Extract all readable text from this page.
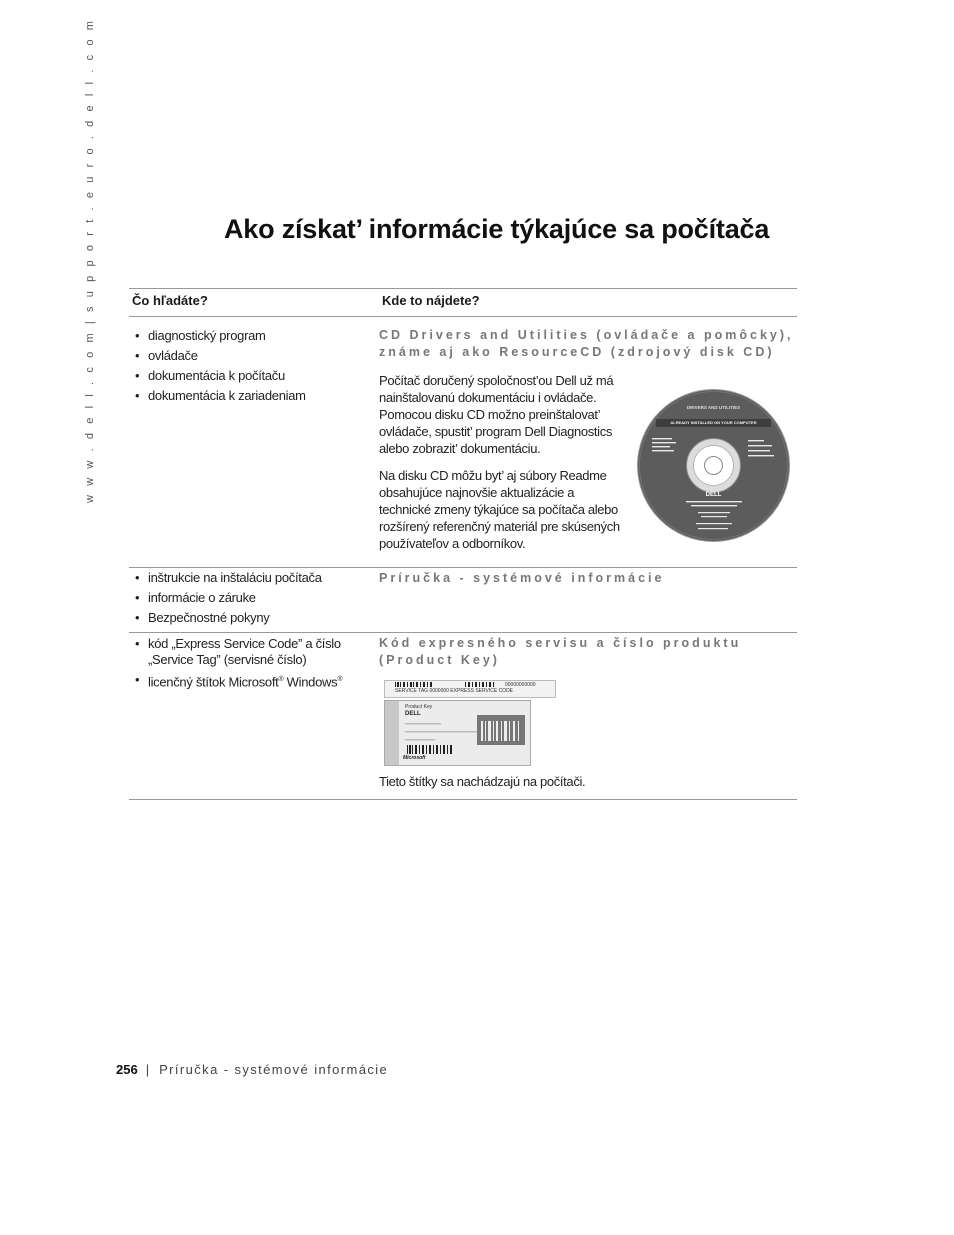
w w w . d e l l . c o m | s u p p o r t . e u r o . d e l l . c o m	Ako získat’ informácie týkajúce sa počítača
Čo hľadáte?	Kde to nájdete?
• diagnostický program
• ovládače
• dokumentácia k počítaču
• dokumentácia k zariadeniam

CD Drivers and Utilities (ovládače a pomôcky), známe aj ako ResourceCD (zdrojový disk CD)

Počítač doručený spoločnost’ou Dell už má nainštalovanú dokumentáciu i ovládače. Pomocou disku CD možno preinštalovat’ ovládače, spustit’ program Dell Diagnostics alebo zobrazit’ dokumentáciu.

Na disku CD môžu byt’ aj súbory Readme obsahujúce najnovšie aktualizácie a technické zmeny týkajúce sa počítača alebo rozšírený referenčný materiál pre skúsených používateľov a odborníkov.

DRIVERS AND UTILITIES
ALREADY INSTALLED ON YOUR COMPUTER
DELL
• inštrukcie na inštaláciu počítača
• informácie o záruke
• Bezpečnostné pokyny

Príručka - systémové informácie

• kód „Express Service Code” a číslo „Service Tag” (servisné číslo)
• licenčný štítok Microsoft® Windows®

Kód expresného servisu a číslo produktu (Product Key)

SERVICE TAG 0000000 EXPRESS SERVICE CODE
00000000000
Product Key
DELL
Microsoft

Tieto štítky sa nachádzajú na počítači.

256 | Príručka - systémové informácie
